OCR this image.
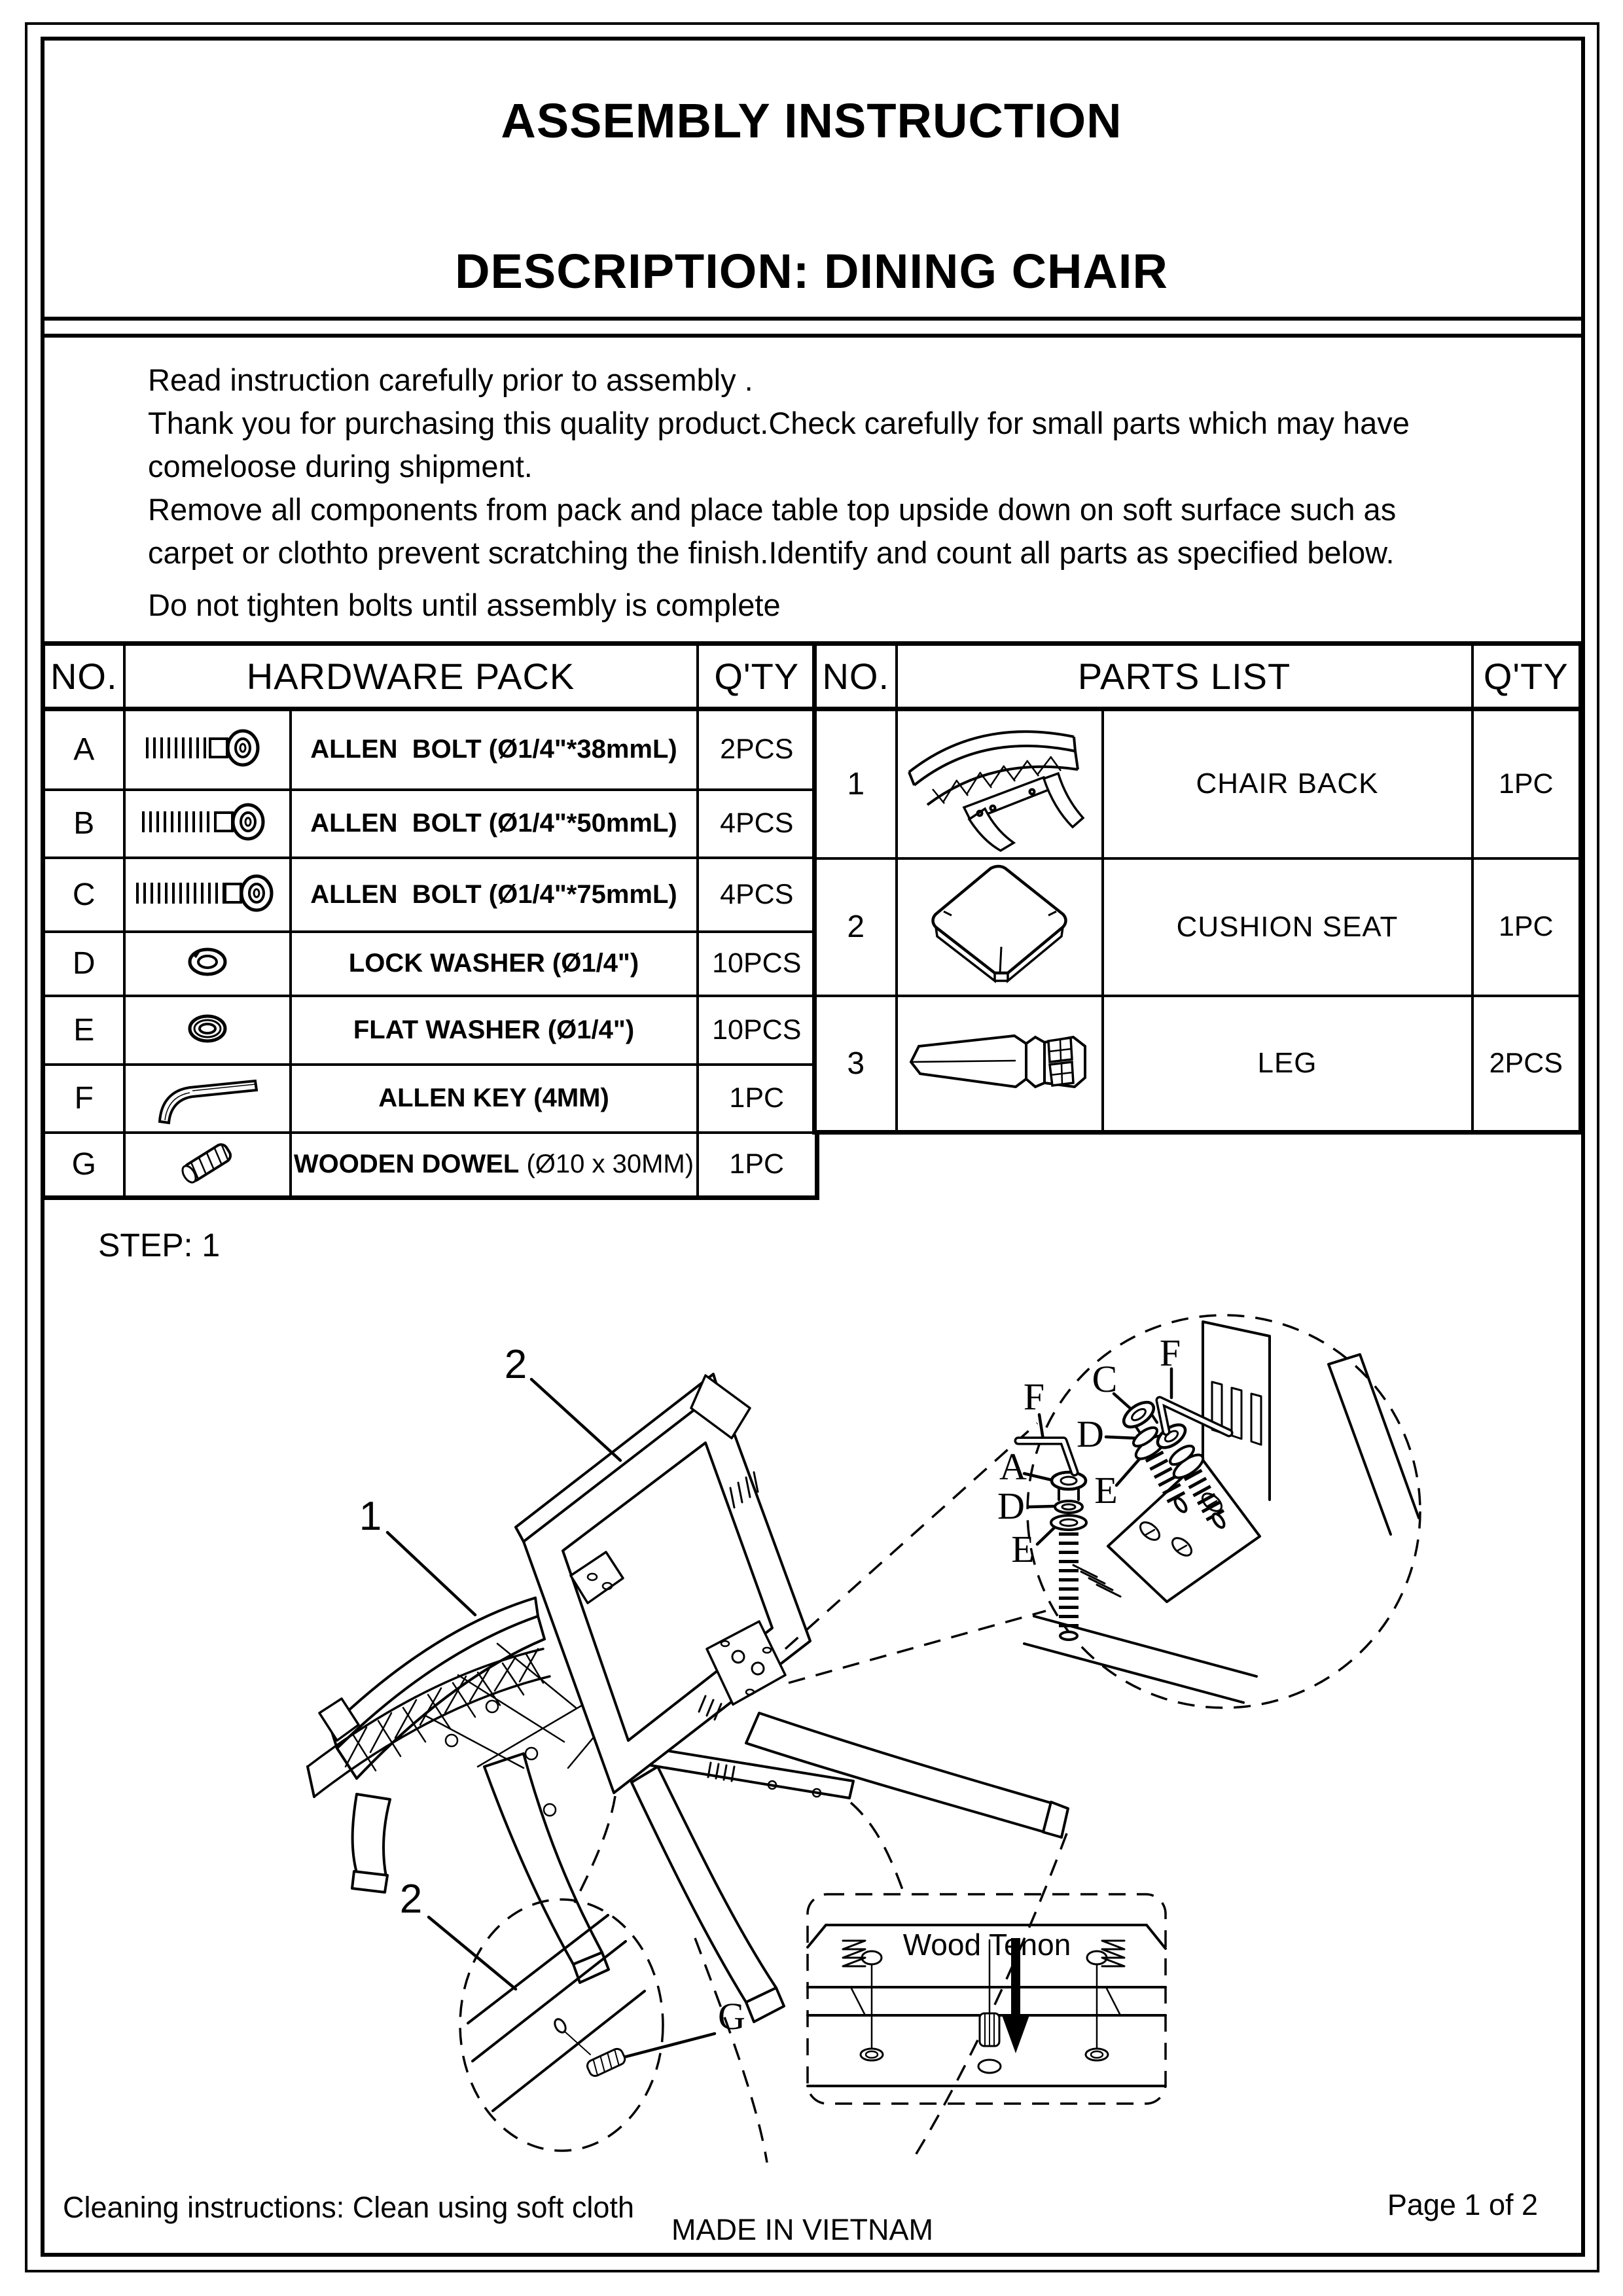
ASSEMBLY INSTRUCTION
DESCRIPTION: DINING CHAIR

Read instruction carefully prior to assembly .

Thank you for purchasing this quality product.Check carefully for small parts which may have comeloose during shipment.

Remove all components from pack and place table top upside down on soft surface such as carpet or clothto prevent scratching the finish.Identify and count all parts as specified below.

Do not tighten bolts until assembly is complete

NO.	HARDWARE PACK		Q'TY
A		ALLEN  BOLT (Ø1/4"*38mmL)	2PCS
B		ALLEN  BOLT (Ø1/4"*50mmL)	4PCS
C		ALLEN  BOLT (Ø1/4"*75mmL)	4PCS
D		LOCK WASHER (Ø1/4")	10PCS
E		FLAT WASHER (Ø1/4")	10PCS
F		ALLEN KEY (4MM)	1PC
G		WOODEN DOWEL (Ø10 x 30MM)	1PC
NO.	PARTS LIST		Q'TY
1		CHAIR BACK	1PC
2		CUSHION SEAT	1PC
3		LEG	2PCS
STEP: 1
2
1
2
F C
F
A
D
E
D
E
G
Wood Tenon
Cleaning instructions: Clean using soft cloth
MADE IN VIETNAM
Page 1 of 2
